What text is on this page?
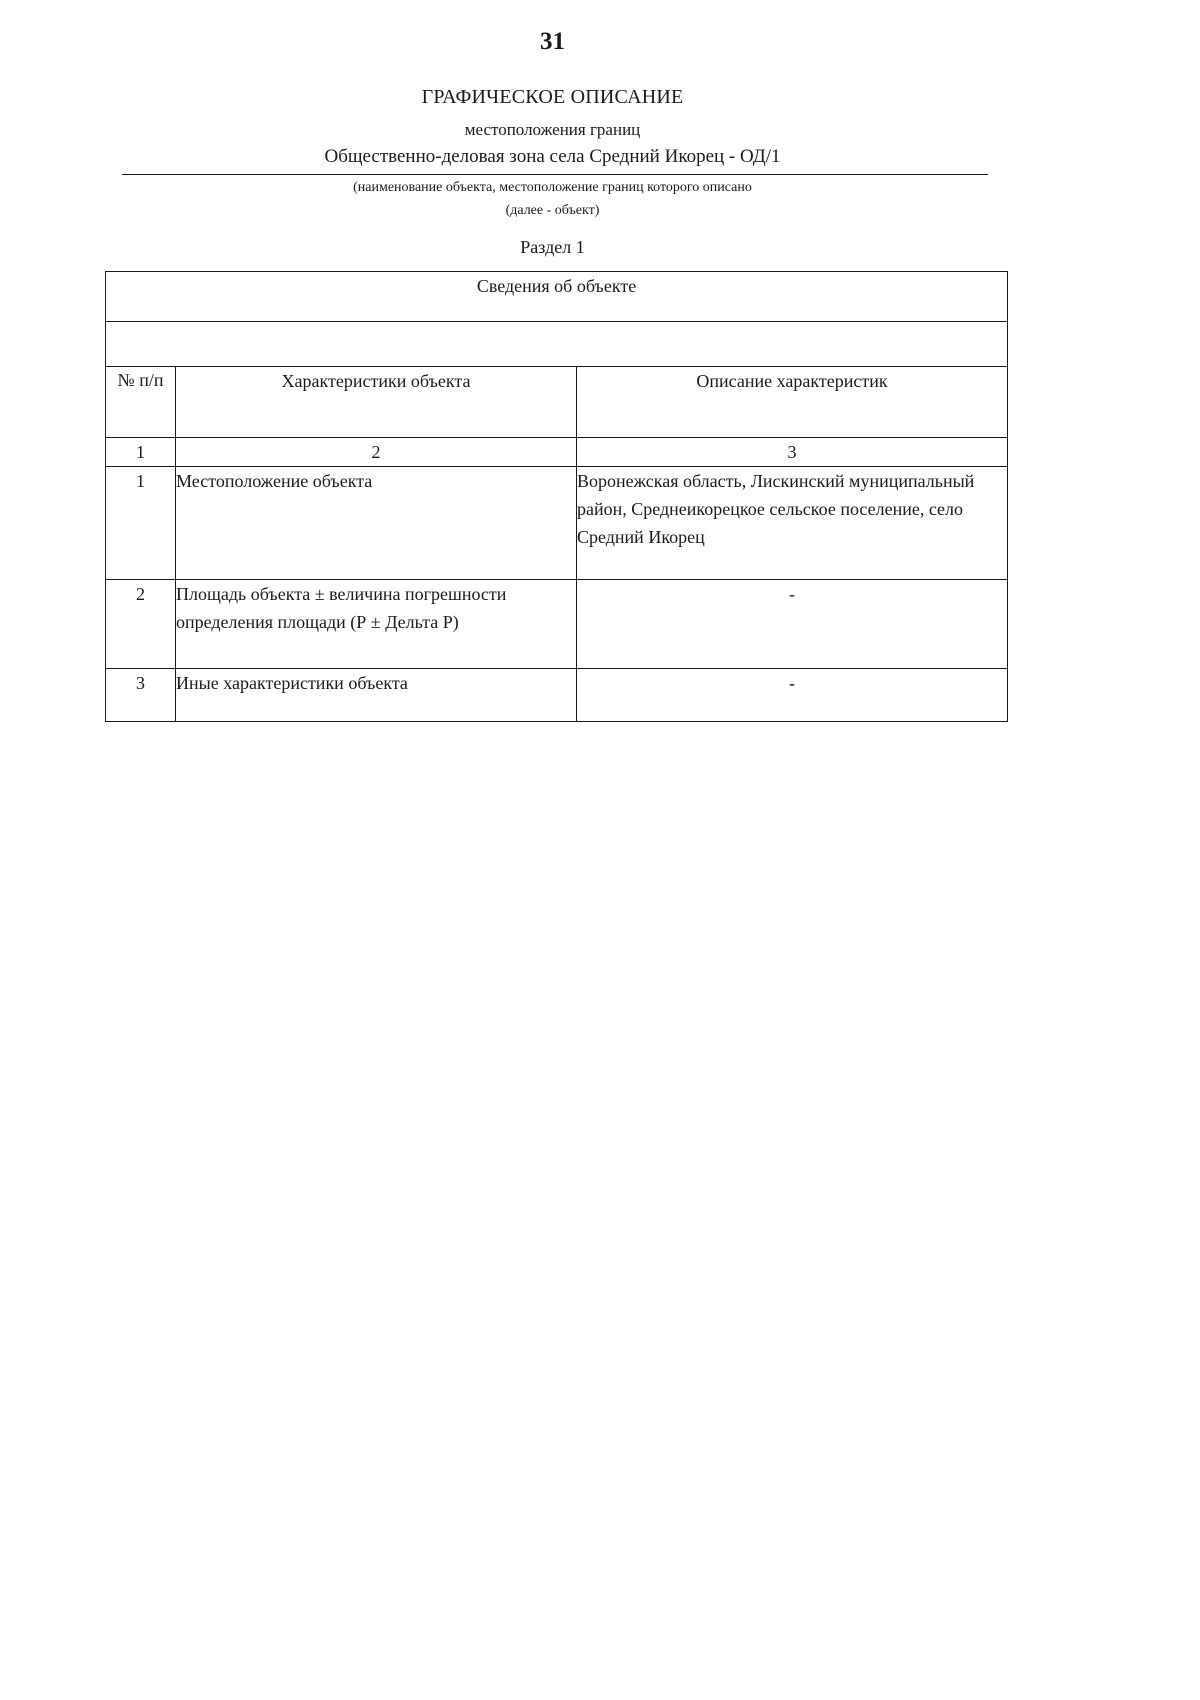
31
ГРАФИЧЕСКОЕ ОПИСАНИЕ
местоположения границ
Общественно-деловая зона села Средний Икорец - ОД/1
(наименование объекта, местоположение границ которого описано
(далее - объект)
Раздел 1
Сведения об объекте		

№ п/п	Характеристики объекта	Описание характеристик
1	2	3
1	Местоположение объекта	Воронежская область, Лискинский муниципальный район, Среднеикорецкое сельское поселение, село Средний Икорец
2	Площадь объекта ± величина погрешности определения площади (Р ± Дельта Р)	-
3	Иные характеристики объекта	-
